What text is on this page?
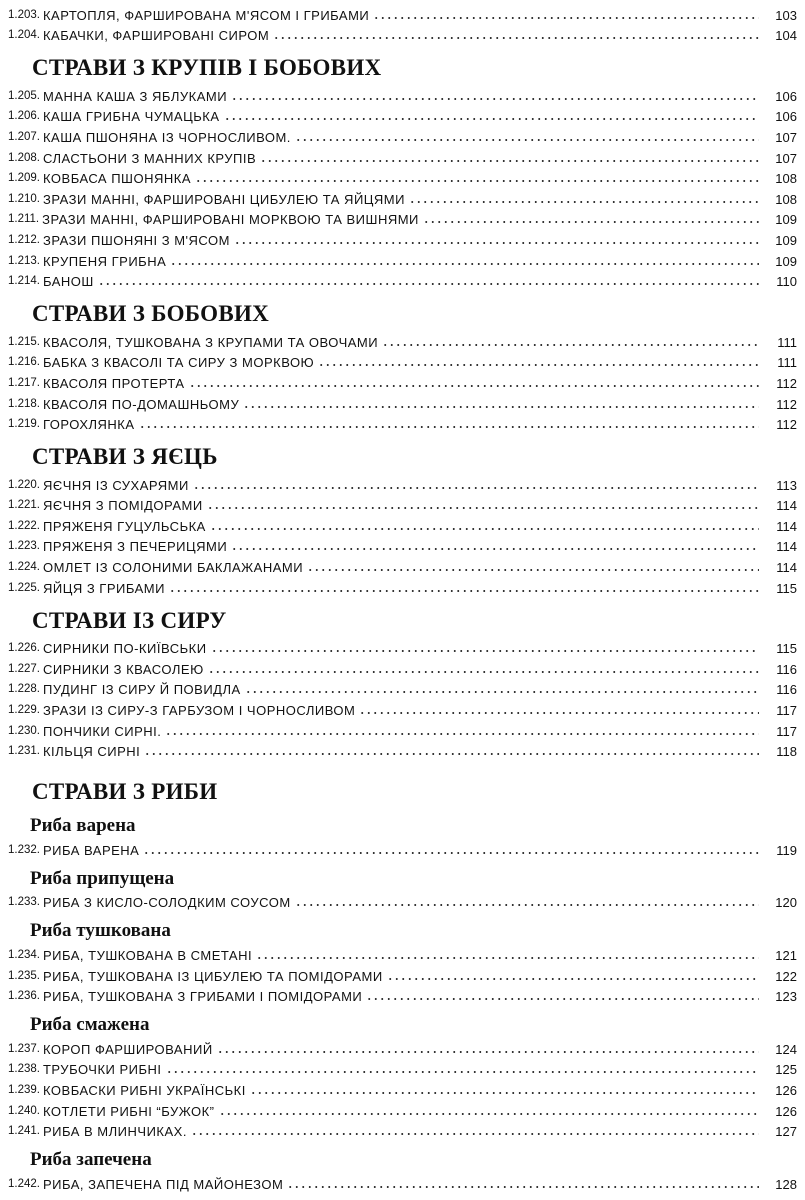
1.203. КАРТОПЛЯ, ФАРШИРОВАНА М'ЯСОМ І ГРИБАМИ	103
1.204. КАБАЧКИ, ФАРШИРОВАНІ СИРОМ	104
СТРАВИ З КРУПІВ І БОБОВИХ
1.205. МАННА КАША З ЯБЛУКАМИ	106
1.206. КАША ГРИБНА ЧУМАЦЬКА	106
1.207. КАША ПШОНЯНА ІЗ ЧОРНОСЛИВОМ.	107
1.208. СЛАСТЬОНИ З МАННИХ КРУПІВ	107
1.209. КОВБАСА ПШОНЯНКА	108
1.210. ЗРАЗИ МАННІ, ФАРШИРОВАНІ ЦИБУЛЕЮ ТА ЯЙЦЯМИ	108
1.211. ЗРАЗИ МАННІ, ФАРШИРОВАНІ МОРКВОЮ ТА ВИШНЯМИ	109
1.212. ЗРАЗИ ПШОНЯНІ З М'ЯСОМ	109
1.213. КРУПЕНЯ ГРИБНА	109
1.214. БАНОШ	110
СТРАВИ З БОБОВИХ
1.215. КВАСОЛЯ, ТУШКОВАНА З КРУПАМИ ТА ОВОЧАМИ	111
1.216. БАБКА З КВАСОЛІ ТА СИРУ З МОРКВОЮ	111
1.217. КВАСОЛЯ ПРОТЕРТА	112
1.218. КВАСОЛЯ ПО-ДОМАШНЬОМУ	112
1.219. ГОРОХЛЯНКА	112
СТРАВИ З ЯЄЦЬ
1.220. ЯЄЧНЯ ІЗ СУХАРЯМИ	113
1.221. ЯЄЧНЯ З ПОМІДОРАМИ	114
1.222. ПРЯЖЕНЯ ГУЦУЛЬСЬКА	114
1.223. ПРЯЖЕНЯ З ПЕЧЕРИЦЯМИ	114
1.224. ОМЛЕТ ІЗ СОЛОНИМИ БАКЛАЖАНАМИ	114
1.225. ЯЙЦЯ З ГРИБАМИ	115
СТРАВИ ІЗ СИРУ
1.226. СИРНИКИ ПО-КИЇВСЬКИ	115
1.227. СИРНИКИ З КВАСОЛЕЮ	116
1.228. ПУДИНГ ІЗ СИРУ Й ПОВИДЛА	116
1.229. ЗРАЗИ ІЗ СИРУ-З ГАРБУЗОМ І ЧОРНОСЛИВОМ	117
1.230. ПОНЧИКИ СИРНІ.	117
1.231. КІЛЬЦЯ СИРНІ	118
СТРАВИ З РИБИ
Риба варена
1.232. РИБА ВАРЕНА	119
Риба припущена
1.233. РИБА З КИСЛО-СОЛОДКИМ СОУСОМ	120
Риба тушкована
1.234. РИБА, ТУШКОВАНА В СМЕТАНІ	121
1.235. РИБА, ТУШКОВАНА ІЗ ЦИБУЛЕЮ ТА ПОМІДОРАМИ	122
1.236. РИБА, ТУШКОВАНА З ГРИБАМИ І ПОМІДОРАМИ	123
Риба смажена
1.237. КОРОП ФАРШИРОВАНИЙ	124
1.238. ТРУБОЧКИ РИБНІ	125
1.239. КОВБАСКИ РИБНІ УКРАЇНСЬКІ	126
1.240. КОТЛЕТИ РИБНІ “БУЖОК”	126
1.241. РИБА В МЛИНЧИКАХ.	127
Риба запечена
1.242. РИБА, ЗАПЕЧЕНА ПІД МАЙОНЕЗОМ	128
